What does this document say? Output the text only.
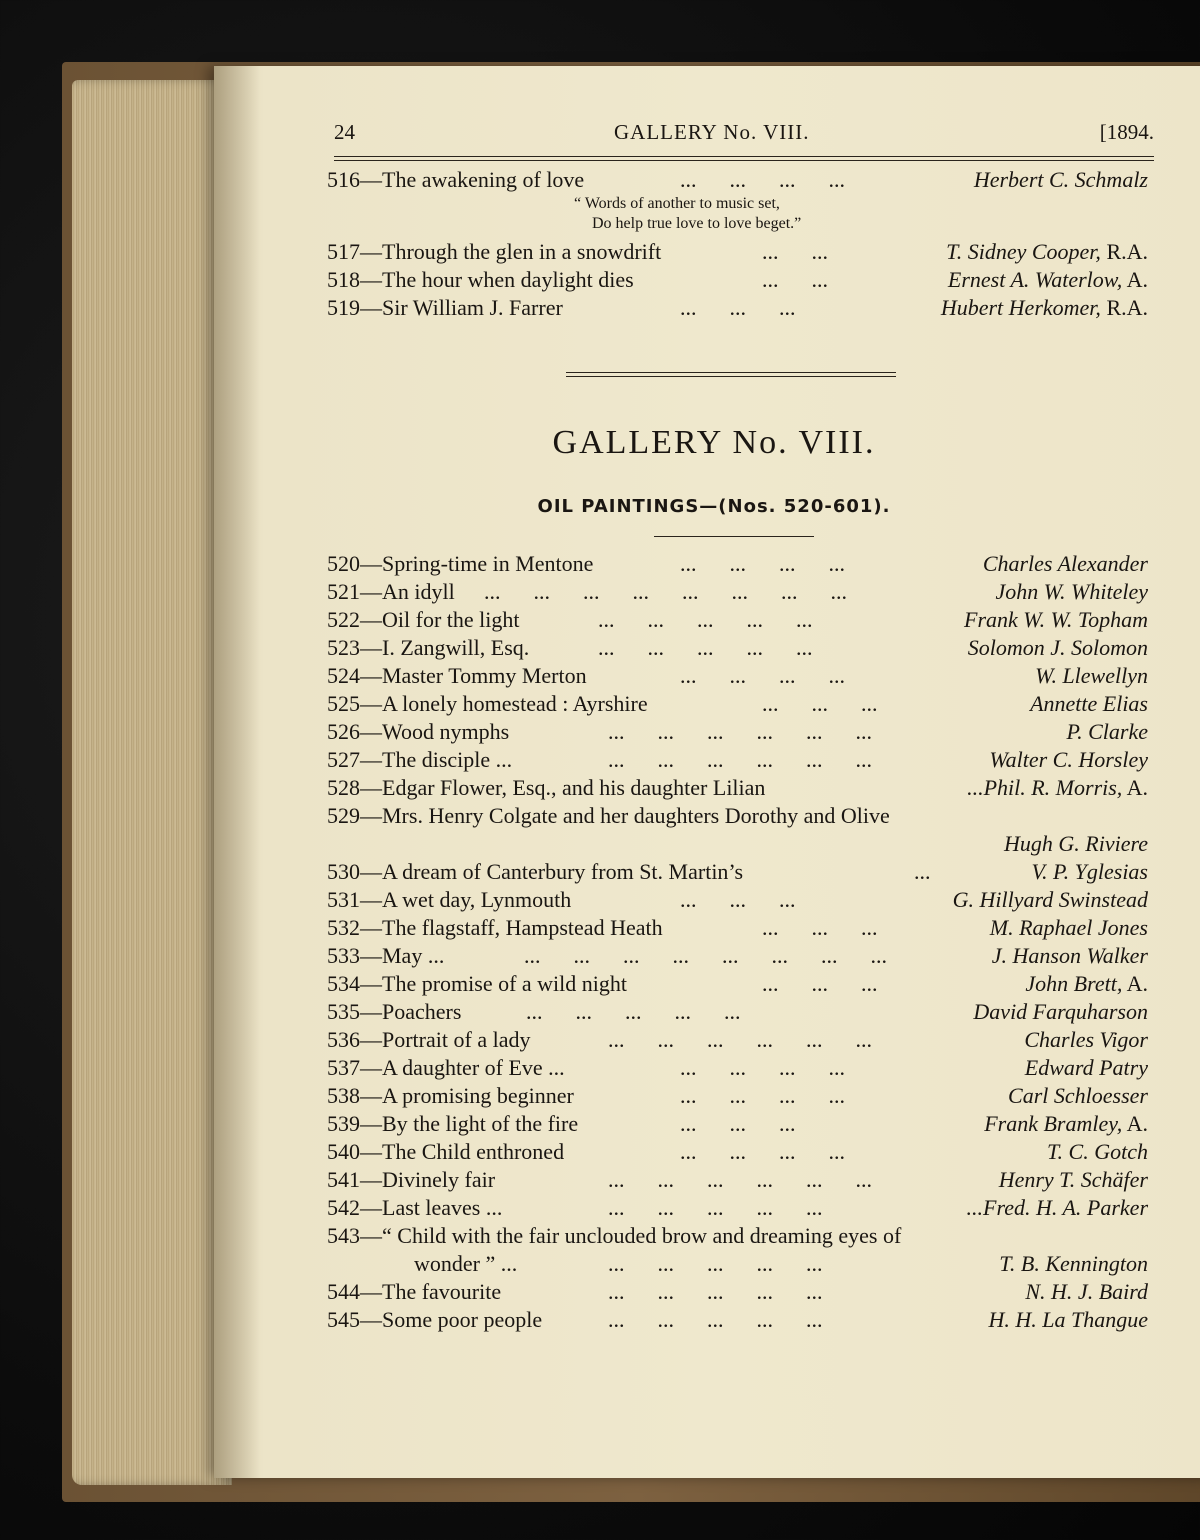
24	GALLERY No. VIII.	[1894.
516—The awakening of love	...      ...      ...      ...	Herbert C. Schmalz
“ Words of another to music set,
Do help true love to love beget.”
517—Through the glen in a snowdrift	...      ...	T. Sidney Cooper, R.A.
518—The hour when daylight dies	...      ...	Ernest A. Waterlow, A.
519—Sir William J. Farrer	...      ...      ...	Hubert Herkomer, R.A.
GALLERY No. VIII.
OIL PAINTINGS—(Nos. 520-601).
520—Spring-time in Mentone	...      ...      ...      ...	Charles Alexander
521—An idyll ...      ...      ...      ...      ...      ...      ...      ...	John W. Whiteley
522—Oil for the light	...      ...      ...      ...      ...	Frank W. W. Topham
523—I. Zangwill, Esq.	...      ...      ...      ...      ...	Solomon J. Solomon
524—Master Tommy Merton	...      ...      ...      ...	W. Llewellyn
525—A lonely homestead : Ayrshire	...      ...      ...	Annette Elias
526—Wood nymphs	...      ...      ...      ...      ...      ...	P. Clarke
527—The disciple ...	...      ...      ...      ...      ...      ...	Walter C. Horsley
528—Edgar Flower, Esq., and his daughter Lilian	...Phil. R. Morris, A.
529—Mrs. Henry Colgate and her daughters Dorothy and Olive
Hugh G. Riviere
530—A dream of Canterbury from St. Martin’s	...	V. P. Yglesias
531—A wet day, Lynmouth	...      ...      ...	G. Hillyard Swinstead
532—The flagstaff, Hampstead Heath	...      ...      ...	M. Raphael Jones
533—May ...	...      ...      ...      ...      ...      ...      ...      ...	J. Hanson Walker
534—The promise of a wild night	...      ...      ...	John Brett, A.
535—Poachers	...      ...      ...      ...      ...	David Farquharson
536—Portrait of a lady	...      ...      ...      ...      ...      ...	Charles Vigor
537—A daughter of Eve ...	...      ...      ...      ...	Edward Patry
538—A promising beginner	...      ...      ...      ...	Carl Schloesser
539—By the light of the fire	...      ...      ...	Frank Bramley, A.
540—The Child enthroned	...      ...      ...      ...	T. C. Gotch
541—Divinely fair	...      ...      ...      ...      ...      ...	Henry T. Schäfer
542—Last leaves ...	...      ...      ...      ...      ...	...Fred. H. A. Parker
543—“ Child with the fair unclouded brow and dreaming eyes of
wonder ” ...	...      ...      ...      ...      ...	T. B. Kennington
544—The favourite	...      ...      ...      ...      ...	N. H. J. Baird
545—Some poor people	...      ...      ...      ...      ...	H. H. La Thangue
